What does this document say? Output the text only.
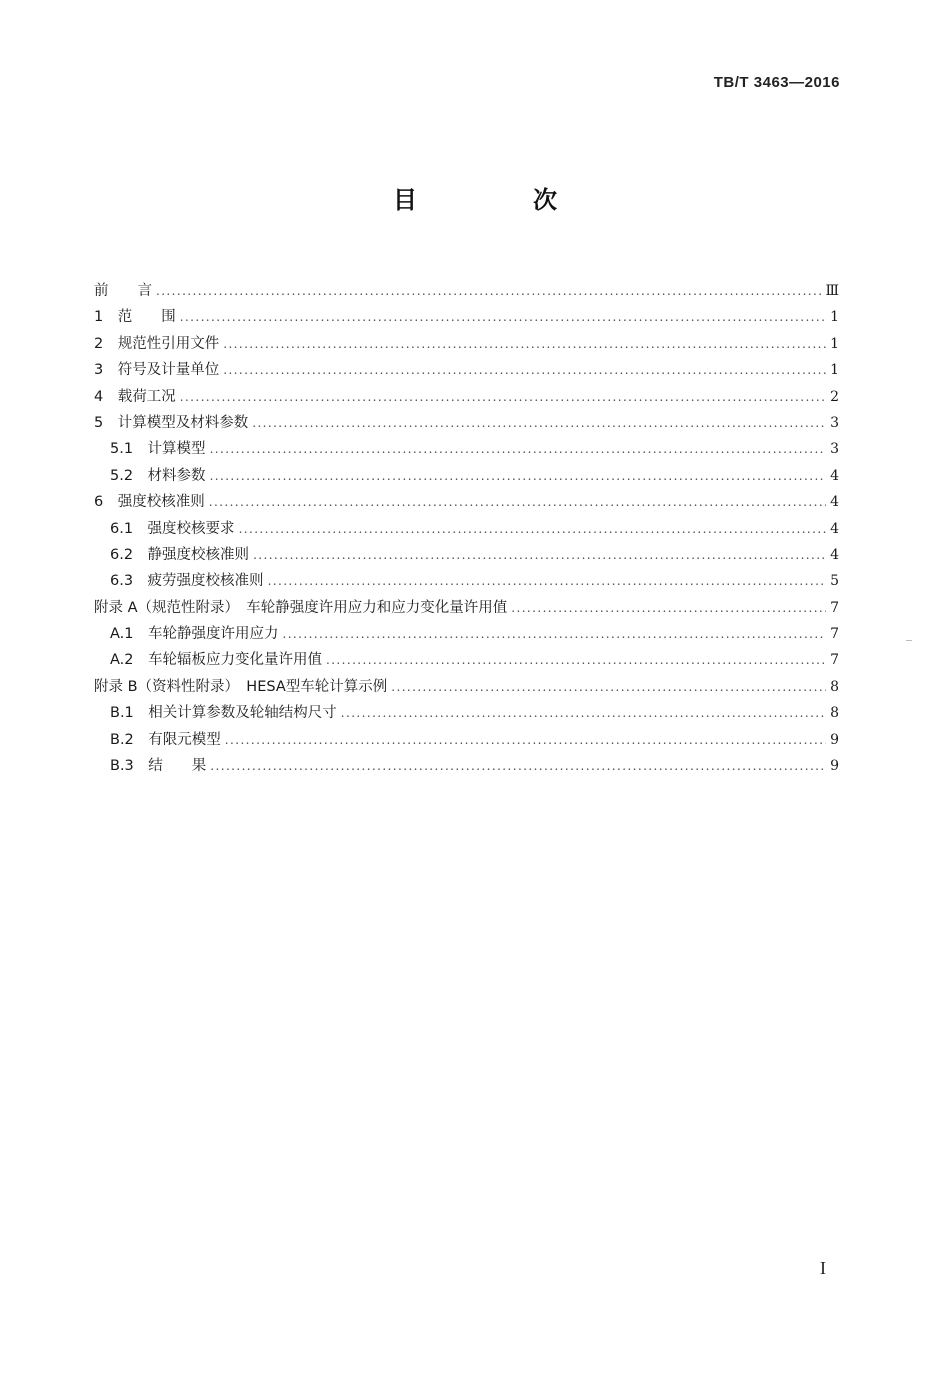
TB/T 3463—2016
目　次
前　　言 .....	Ⅲ
1　范　　围 .....	1
2　规范性引用文件 .....	1
3　符号及计量单位 .....	1
4　载荷工况 .....	2
5　计算模型及材料参数 .....	3
5.1　计算模型 .....	3
5.2　材料参数 .....	4
6　强度校核准则 .....	4
6.1　强度校核要求 .....	4
6.2　静强度校核准则 .....	4
6.3　疲劳强度校核准则 .....	5
附录 A（规范性附录）　车轮静强度许用应力和应力变化量许用值 .....	7
A.1　车轮静强度许用应力 .....	7
A.2　车轮辐板应力变化量许用值 .....	7
附录 B（资料性附录）　HESA型车轮计算示例 .....	8
B.1　相关计算参数及轮轴结构尺寸 .....	8
B.2　有限元模型 .....	9
B.3　结　　果 .....	9
I
